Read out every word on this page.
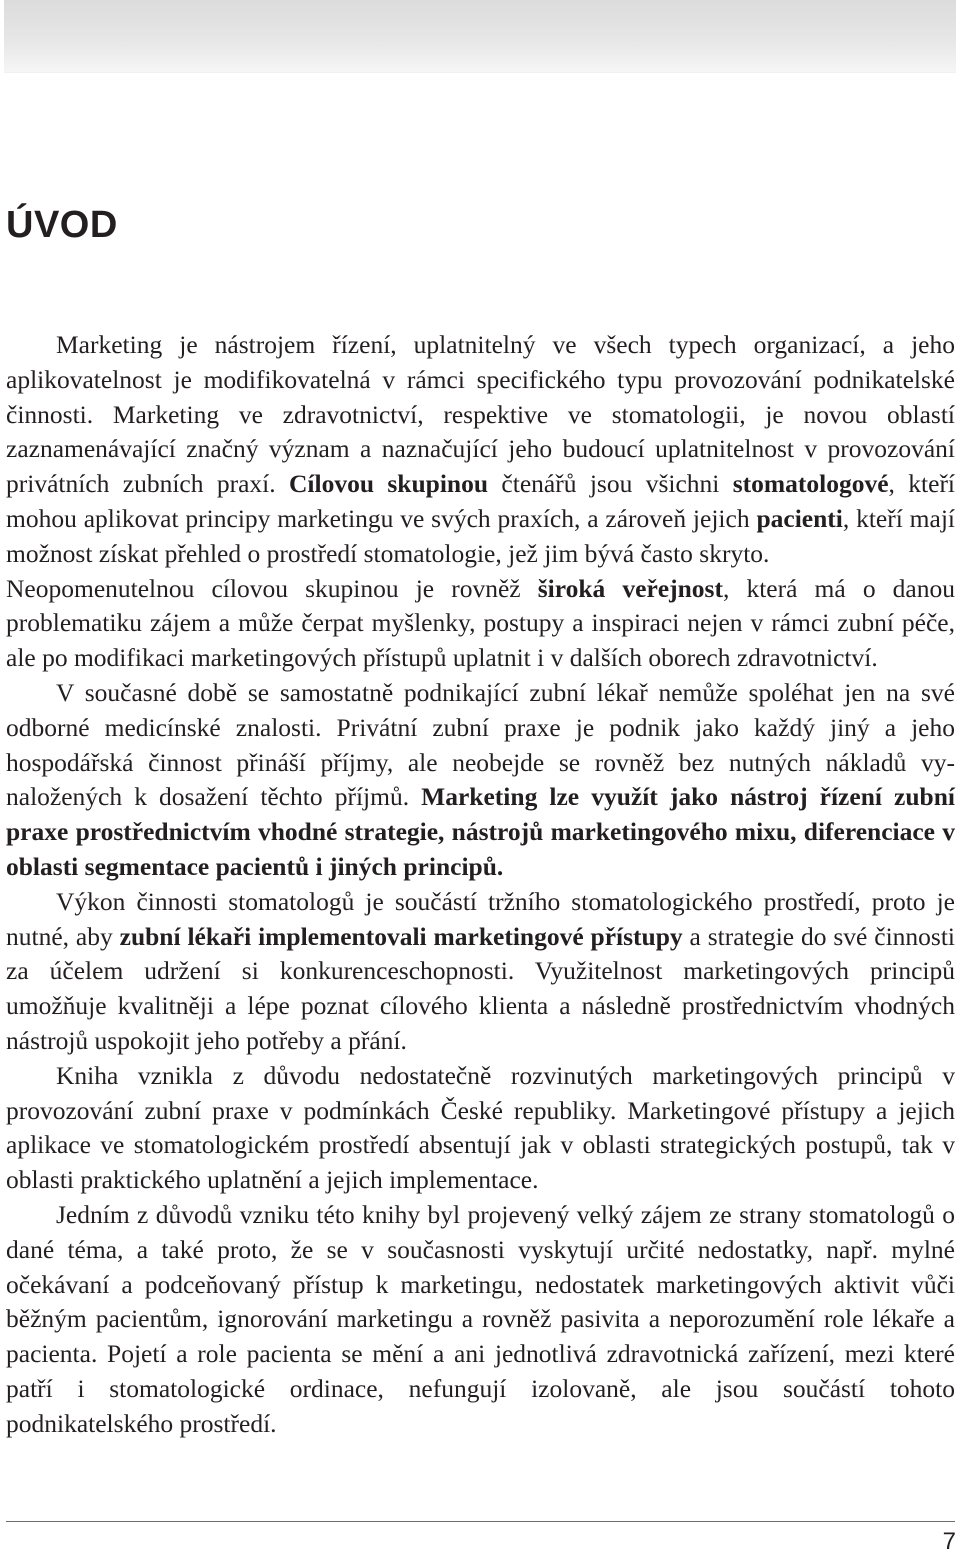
ÚVOD

Marketing je nástrojem řízení, uplatnitelný ve všech typech organizací, a jeho aplikovatelnost je modifikovatelná v rámci specifického typu provozování podnikatelské činnosti. Marketing ve zdravotnictví, respektive ve stomatologii, je novou oblastí zaznamenávající značný význam a naznačující jeho budoucí uplatnitelnost v provozování privátních zubních praxí. Cílovou skupinou čtenářů jsou všichni stomatologové, kteří mohou aplikovat principy marketingu ve svých praxích, a zároveň jejich pacienti, kteří mají možnost získat přehled o prostředí stomatologie, jež jim bývá často skryto.

Neopomenutelnou cílovou skupinou je rovněž široká veřejnost, která má o danou problematiku zájem a může čerpat myšlenky, postupy a inspiraci nejen v rámci zubní péče, ale po modifikaci marketingových přístupů uplatnit i v dalších oborech zdravotnictví.

V současné době se samostatně podnikající zubní lékař nemůže spoléhat jen na své odborné medicínské znalosti. Privátní zubní praxe je podnik jako každý jiný a jeho hospodářská činnost přináší příjmy, ale neobejde se rovněž bez nutných nákladů vynaložených k dosažení těchto příjmů. Marketing lze využít jako nástroj řízení zubní praxe prostřednictvím vhodné strategie, nástrojů marketingového mixu, diferenciace v oblasti segmentace pacientů i jiných principů.

Výkon činnosti stomatologů je součástí tržního stomatologického prostředí, proto je nutné, aby zubní lékaři implementovali marketingové přístupy a strategie do své činnosti za účelem udržení si konkurenceschopnosti. Využitelnost marketingových principů umožňuje kvalitněji a lépe poznat cílového klienta a následně prostřednictvím vhodných nástrojů uspokojit jeho potřeby a přání.

Kniha vznikla z důvodu nedostatečně rozvinutých marketingových principů v provozování zubní praxe v podmínkách České republiky. Marketingové přístupy a jejich aplikace ve stomatologickém prostředí absentují jak v oblasti strategických postupů, tak v oblasti praktického uplatnění a jejich implementace.

Jedním z důvodů vzniku této knihy byl projevený velký zájem ze strany stomatologů o dané téma, a také proto, že se v současnosti vyskytují určité nedostatky, např. mylné očekávaní a podceňovaný přístup k marketingu, nedostatek marketingových aktivit vůči běžným pacientům, ignorování marketingu a rovněž pasivita a neporozumění role lékaře a pacienta. Pojetí a role pacienta se mění a ani jednotlivá zdravotnická zařízení, mezi které patří i stomatologické ordinace, nefungují izolovaně, ale jsou součástí tohoto podnikatelského prostředí.

7
